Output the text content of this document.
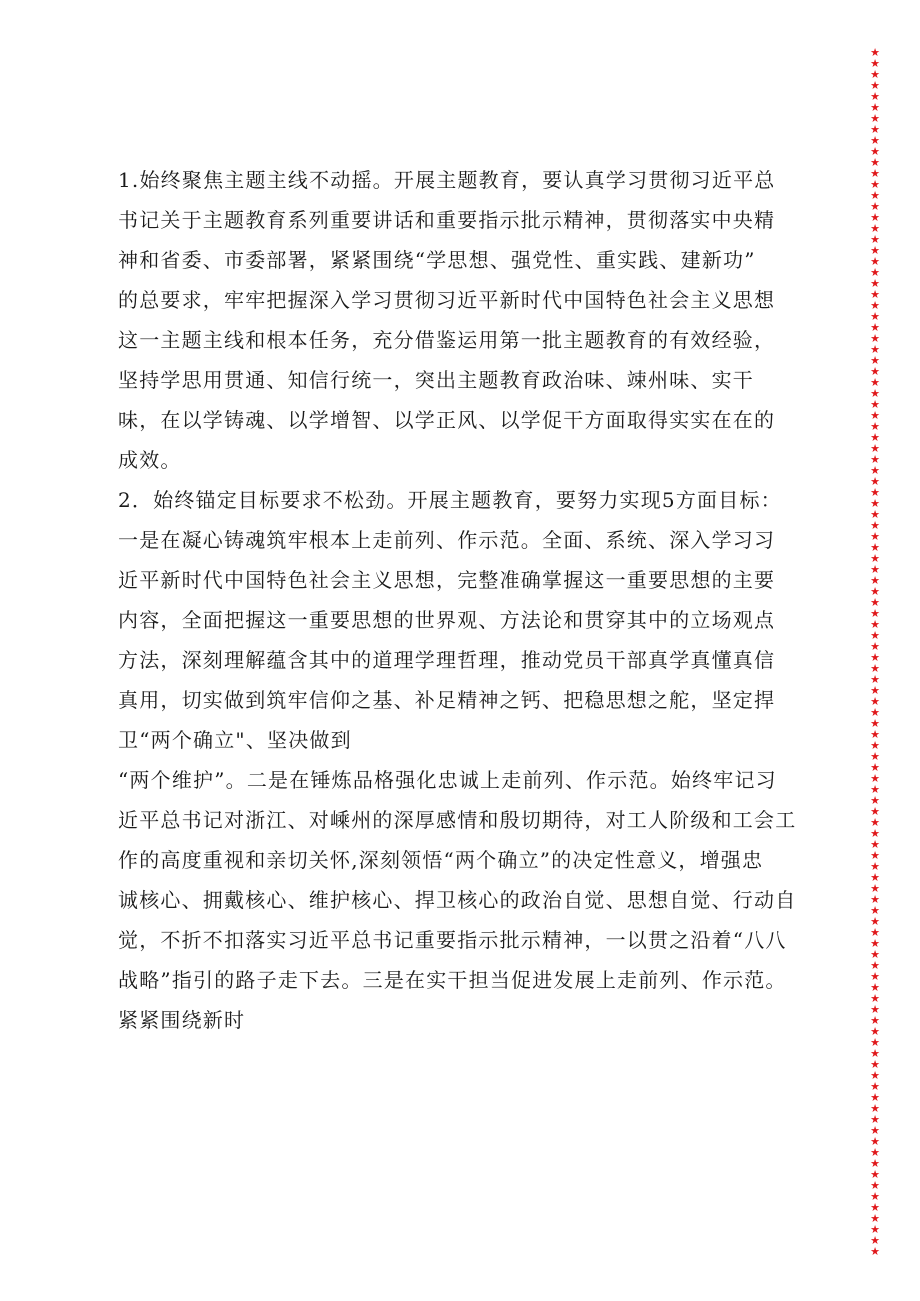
1.始终聚焦主题主线不动摇。开展主题教育，要认真学习贯彻习近平总
书记关于主题教育系列重要讲话和重要指示批示精神，贯彻落实中央精
神和省委、市委部署，紧紧围绕“学思想、强党性、重实践、建新功”
的总要求，牢牢把握深入学习贯彻习近平新时代中国特色社会主义思想
这一主题主线和根本任务，充分借鉴运用第一批主题教育的有效经验，
坚持学思用贯通、知信行统一，突出主题教育政治味、竦州味、实干
味，在以学铸魂、以学增智、以学正风、以学促干方面取得实实在在的
成效。
2．始终锚定目标要求不松劲。开展主题教育，要努力实现5方面目标：
一是在凝心铸魂筑牢根本上走前列、作示范。全面、系统、深入学习习
近平新时代中国特色社会主义思想，完整准确掌握这一重要思想的主要
内容，全面把握这一重要思想的世界观、方法论和贯穿其中的立场观点
方法，深刻理解蕴含其中的道理学理哲理，推动党员干部真学真懂真信
真用，切实做到筑牢信仰之基、补足精神之钙、把稳思想之舵，坚定捍
卫“两个确立"、坚决做到
“两个维护”。二是在锤炼品格强化忠诚上走前列、作示范。始终牢记习
近平总书记对浙江、对嵊州的深厚感情和殷切期待，对工人阶级和工会工
作的高度重视和亲切关怀,深刻领悟“两个确立”的决定性意义，增强忠
诚核心、拥戴核心、维护核心、捍卫核心的政治自觉、思想自觉、行动自
觉，不折不扣落实习近平总书记重要指示批示精神，一以贯之沿着“八八
战略”指引的路子走下去。三是在实干担当促进发展上走前列、作示范。
紧紧围绕新时
★
★
★
★
★
★
★
★
★
★
★
★
★
★
★
★
★
★
★
★
★
★
★
★
★
★
★
★
★
★
★
★
★
★
★
★
★
★
★
★
★
★
★
★
★
★
★
★
★
★
★
★
★
★
★
★
★
★
★
★
★
★
★
★
★
★
★
★
★
★
★
★
★
★
★
★
★
★
★
★
★
★
★
★
★
★
★
★
★
★
★
★
★
★
★
★
★
★
★
★
★
★
★
★
★
★
★
★
★
★
